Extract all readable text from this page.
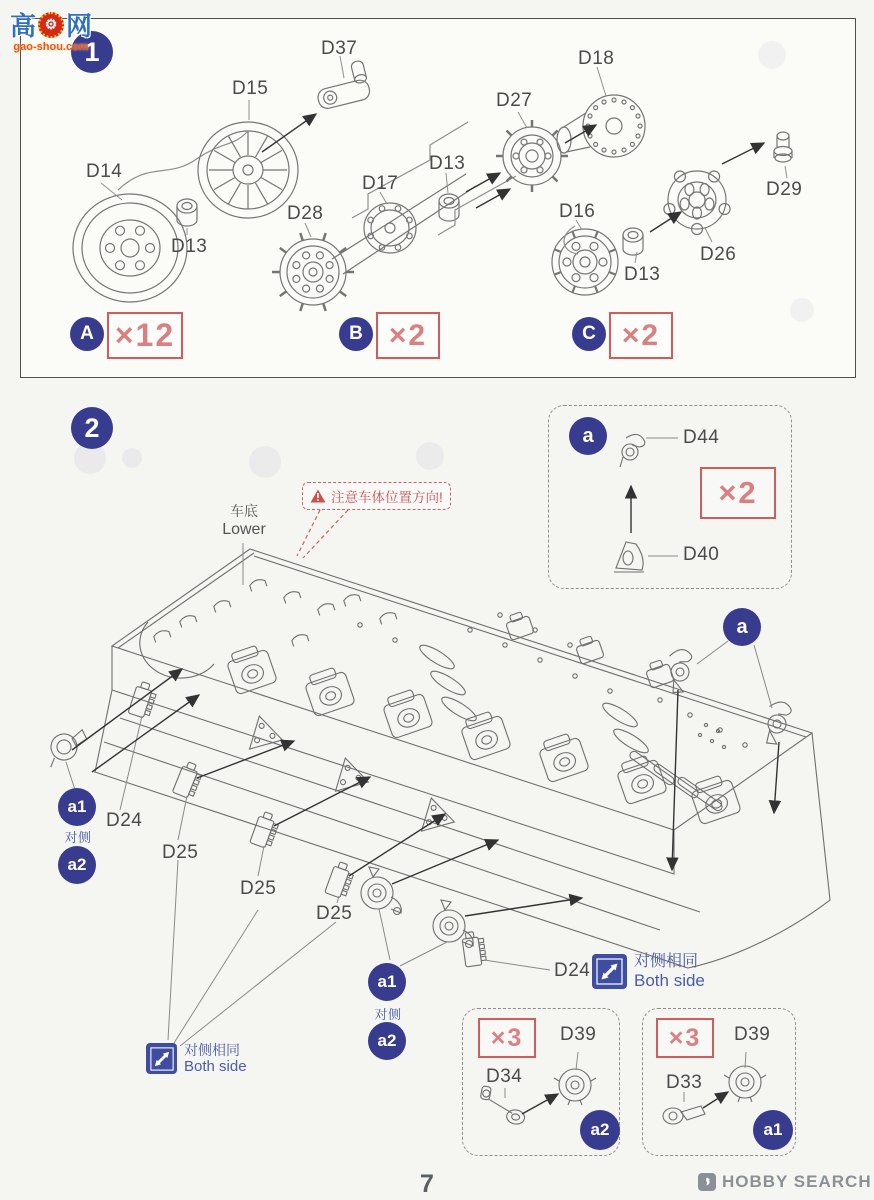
高 ⚙ 网
gao-shou.com
1	D37
D15
D14
D13
D28
D17
D13
D27
D18
D16
D13
D26
D29
A ×12	B ×2	C ×2
2	a	D44
×2
D40
注意车体位置方向!
车底
Lower
a1
对侧
a2
D24
D25
D25
D25
D24
a
a1
对侧
a2
对侧相同
Both side
对侧相同
Both side
×3	D39
D34
a2
×3	D39
D33
a1
7	HOBBY SEARCH
